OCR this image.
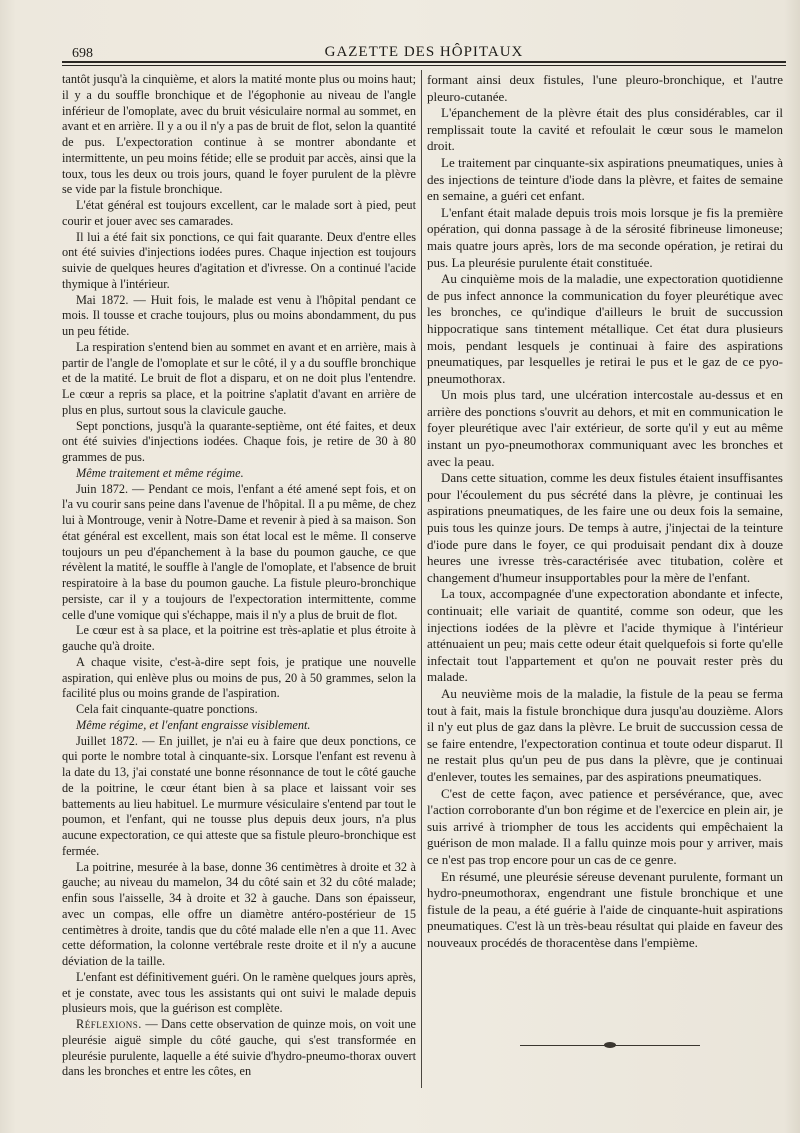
698	GAZETTE DES HÔPITAUX

tantôt jusqu'à la cinquième, et alors la matité monte plus ou moins haut; il y a du souffle bronchique et de l'égophonie au niveau de l'angle inférieur de l'omoplate, avec du bruit vésiculaire normal au sommet, en avant et en arrière. Il y a ou il n'y a pas de bruit de flot, selon la quantité de pus. L'expectoration continue à se montrer abondante et intermittente, un peu moins fétide; elle se produit par accès, ainsi que la toux, tous les deux ou trois jours, quand le foyer purulent de la plèvre se vide par la fistule bronchique.

L'état général est toujours excellent, car le malade sort à pied, peut courir et jouer avec ses camarades.

Il lui a été fait six ponctions, ce qui fait quarante. Deux d'entre elles ont été suivies d'injections iodées pures. Chaque injection est toujours suivie de quelques heures d'agitation et d'ivresse. On a continué l'acide thymique à l'intérieur.

Mai 1872. — Huit fois, le malade est venu à l'hôpital pendant ce mois. Il tousse et crache toujours, plus ou moins abondamment, du pus un peu fétide.

La respiration s'entend bien au sommet en avant et en arrière, mais à partir de l'angle de l'omoplate et sur le côté, il y a du souffle bronchique et de la matité. Le bruit de flot a disparu, et on ne doit plus l'entendre. Le cœur a repris sa place, et la poitrine s'aplatit d'avant en arrière de plus en plus, surtout sous la clavicule gauche.

Sept ponctions, jusqu'à la quarante-septième, ont été faites, et deux ont été suivies d'injections iodées. Chaque fois, je retire de 30 à 80 grammes de pus.

Même traitement et même régime.

Juin 1872. — Pendant ce mois, l'enfant a été amené sept fois, et on l'a vu courir sans peine dans l'avenue de l'hôpital. Il a pu même, de chez lui à Montrouge, venir à Notre-Dame et revenir à pied à sa maison. Son état général est excellent, mais son état local est le même. Il conserve toujours un peu d'épanchement à la base du poumon gauche, ce que révèlent la matité, le souffle à l'angle de l'omoplate, et l'absence de bruit respiratoire à la base du poumon gauche. La fistule pleuro-bronchique persiste, car il y a toujours de l'expectoration intermittente, comme celle d'une vomique qui s'échappe, mais il n'y a plus de bruit de flot.

Le cœur est à sa place, et la poitrine est très-aplatie et plus étroite à gauche qu'à droite.

A chaque visite, c'est-à-dire sept fois, je pratique une nouvelle aspiration, qui enlève plus ou moins de pus, 20 à 50 grammes, selon la facilité plus ou moins grande de l'aspiration.

Cela fait cinquante-quatre ponctions.

Même régime, et l'enfant engraisse visiblement.

Juillet 1872. — En juillet, je n'ai eu à faire que deux ponctions, ce qui porte le nombre total à cinquante-six. Lorsque l'enfant est revenu à la date du 13, j'ai constaté une bonne résonnance de tout le côté gauche de la poitrine, le cœur étant bien à sa place et laissant voir ses battements au lieu habituel. Le murmure vésiculaire s'entend par tout le poumon, et l'enfant, qui ne tousse plus depuis deux jours, n'a plus aucune expectoration, ce qui atteste que sa fistule pleuro-bronchique est fermée.

La poitrine, mesurée à la base, donne 36 centimètres à droite et 32 à gauche; au niveau du mamelon, 34 du côté sain et 32 du côté malade; enfin sous l'aisselle, 34 à droite et 32 à gauche. Dans son épaisseur, avec un compas, elle offre un diamètre antéro-postérieur de 15 centimètres à droite, tandis que du côté malade elle n'en a que 11. Avec cette déformation, la colonne vertébrale reste droite et il n'y a aucune déviation de la taille.

L'enfant est définitivement guéri. On le ramène quelques jours après, et je constate, avec tous les assistants qui ont suivi le malade depuis plusieurs mois, que la guérison est complète.

Réflexions. — Dans cette observation de quinze mois, on voit une pleurésie aiguë simple du côté gauche, qui s'est transformée en pleurésie purulente, laquelle a été suivie d'hydro-pneumo-thorax ouvert dans les bronches et entre les côtes, en

formant ainsi deux fistules, l'une pleuro-bronchique, et l'autre pleuro-cutanée.

L'épanchement de la plèvre était des plus considérables, car il remplissait toute la cavité et refoulait le cœur sous le mamelon droit.

Le traitement par cinquante-six aspirations pneumatiques, unies à des injections de teinture d'iode dans la plèvre, et faites de semaine en semaine, a guéri cet enfant.

L'enfant était malade depuis trois mois lorsque je fis la première opération, qui donna passage à de la sérosité fibrineuse limoneuse; mais quatre jours après, lors de ma seconde opération, je retirai du pus. La pleurésie purulente était constituée.

Au cinquième mois de la maladie, une expectoration quotidienne de pus infect annonce la communication du foyer pleurétique avec les bronches, ce qu'indique d'ailleurs le bruit de succussion hippocratique sans tintement métallique. Cet état dura plusieurs mois, pendant lesquels je continuai à faire des aspirations pneumatiques, par lesquelles je retirai le pus et le gaz de ce pyo-pneumothorax.

Un mois plus tard, une ulcération intercostale au-dessus et en arrière des ponctions s'ouvrit au dehors, et mit en communication le foyer pleurétique avec l'air extérieur, de sorte qu'il y eut au même instant un pyo-pneumothorax communiquant avec les bronches et avec la peau.

Dans cette situation, comme les deux fistules étaient insuffisantes pour l'écoulement du pus sécrété dans la plèvre, je continuai les aspirations pneumatiques, de les faire une ou deux fois la semaine, puis tous les quinze jours. De temps à autre, j'injectai de la teinture d'iode pure dans le foyer, ce qui produisait pendant dix à douze heures une ivresse très-caractérisée avec titubation, colère et changement d'humeur insupportables pour la mère de l'enfant.

La toux, accompagnée d'une expectoration abondante et infecte, continuait; elle variait de quantité, comme son odeur, que les injections iodées de la plèvre et l'acide thymique à l'intérieur atténuaient un peu; mais cette odeur était quelquefois si forte qu'elle infectait tout l'appartement et qu'on ne pouvait rester près du malade.

Au neuvième mois de la maladie, la fistule de la peau se ferma tout à fait, mais la fistule bronchique dura jusqu'au douzième. Alors il n'y eut plus de gaz dans la plèvre. Le bruit de succussion cessa de se faire entendre, l'expectoration continua et toute odeur disparut. Il ne restait plus qu'un peu de pus dans la plèvre, que je continuai d'enlever, toutes les semaines, par des aspirations pneumatiques.

C'est de cette façon, avec patience et persévérance, que, avec l'action corroborante d'un bon régime et de l'exercice en plein air, je suis arrivé à triompher de tous les accidents qui empêchaient la guérison de mon malade. Il a fallu quinze mois pour y arriver, mais ce n'est pas trop encore pour un cas de ce genre.

En résumé, une pleurésie séreuse devenant purulente, formant un hydro-pneumothorax, engendrant une fistule bronchique et une fistule de la peau, a été guérie à l'aide de cinquante-huit aspirations pneumatiques. C'est là un très-beau résultat qui plaide en faveur des nouveaux procédés de thoracentèse dans l'empième.
